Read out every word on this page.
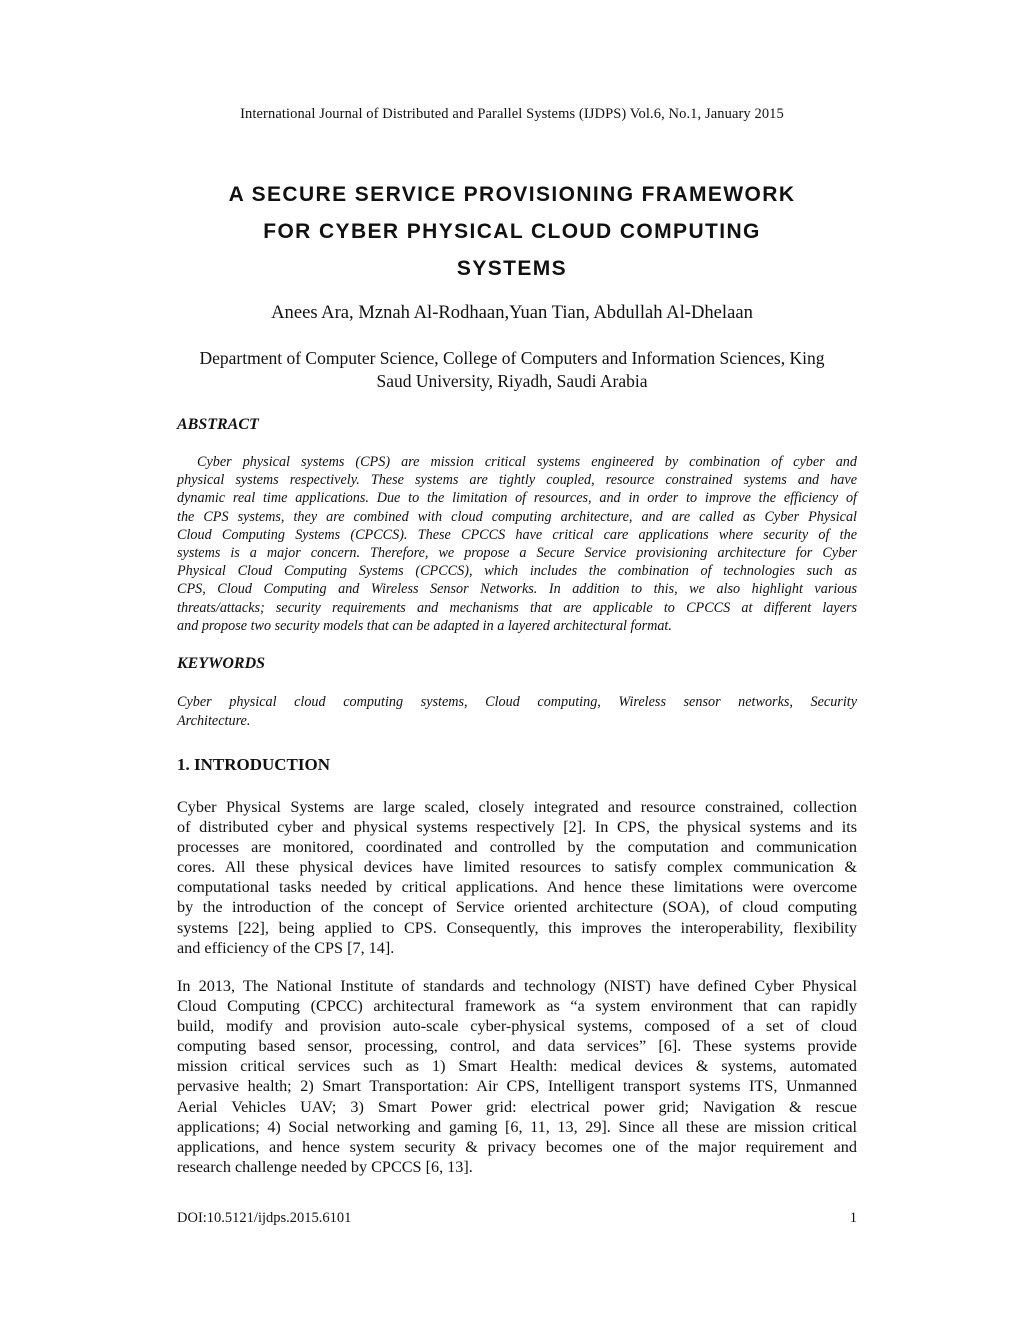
International Journal of Distributed and Parallel Systems (IJDPS) Vol.6, No.1, January 2015
A SECURE SERVICE PROVISIONING FRAMEWORK
FOR CYBER PHYSICAL CLOUD COMPUTING
SYSTEMS
Anees Ara, Mznah Al-Rodhaan,Yuan Tian, Abdullah Al-Dhelaan

Department of Computer Science, College of Computers and Information Sciences, King
Saud University, Riyadh, Saudi Arabia

ABSTRACT
Cyber physical systems (CPS) are mission critical systems engineered by combination of cyber and
physical systems respectively. These systems are tightly coupled, resource constrained systems and have
dynamic real time applications. Due to the limitation of resources, and in order to improve the efficiency of
the CPS systems, they are combined with cloud computing architecture, and are called as Cyber Physical
Cloud Computing Systems (CPCCS). These CPCCS have critical care applications where security of the
systems is a major concern. Therefore, we propose a Secure Service provisioning architecture for Cyber
Physical Cloud Computing Systems (CPCCS), which includes the combination of technologies such as
CPS, Cloud Computing and Wireless Sensor Networks. In addition to this, we also highlight various
threats/attacks; security requirements and mechanisms that are applicable to CPCCS at different layers
and propose two security models that can be adapted in a layered architectural format.
KEYWORDS
Cyber physical cloud computing systems, Cloud computing, Wireless sensor networks, Security
Architecture.
1. INTRODUCTION
Cyber Physical Systems are large scaled, closely integrated and resource constrained, collection
of distributed cyber and physical systems respectively [2]. In CPS, the physical systems and its
processes are monitored, coordinated and controlled by the computation and communication
cores. All these physical devices have limited resources to satisfy complex communication &
computational tasks needed by critical applications. And hence these limitations were overcome
by the introduction of the concept of Service oriented architecture (SOA), of cloud computing
systems [22], being applied to CPS. Consequently, this improves the interoperability, flexibility
and efficiency of the CPS [7, 14].
In 2013, The National Institute of standards and technology (NIST) have defined Cyber Physical
Cloud Computing (CPCC) architectural framework as “a system environment that can rapidly
build, modify and provision auto-scale cyber-physical systems, composed of a set of cloud
computing based sensor, processing, control, and data services” [6]. These systems provide
mission critical services such as 1) Smart Health: medical devices & systems, automated
pervasive health; 2) Smart Transportation: Air CPS, Intelligent transport systems ITS, Unmanned
Aerial Vehicles UAV; 3) Smart Power grid: electrical power grid; Navigation & rescue
applications; 4) Social networking and gaming [6, 11, 13, 29]. Since all these are mission critical
applications, and hence system security & privacy becomes one of the major requirement and
research challenge needed by CPCCS [6, 13].
DOI:10.5121/ijdps.2015.6101	1
